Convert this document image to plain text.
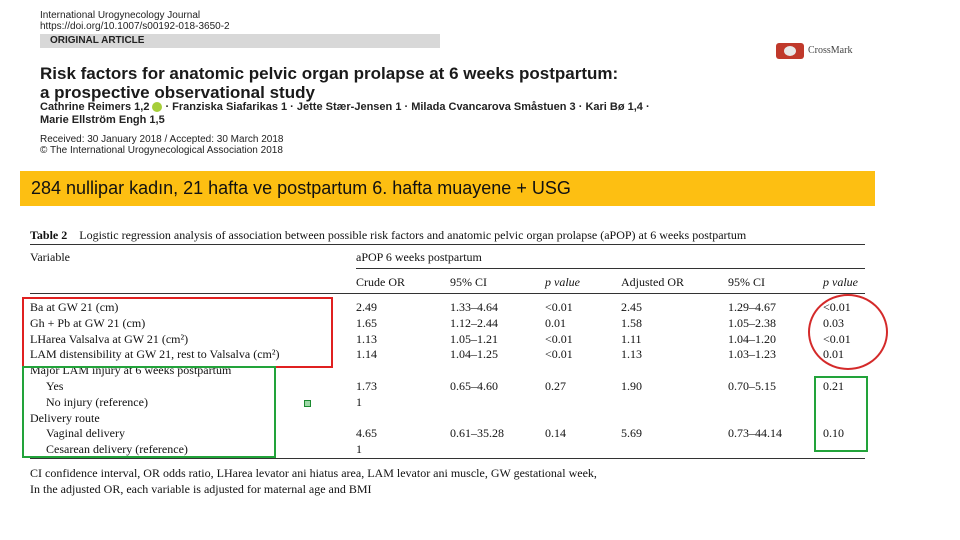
International Urogynecology Journal
https://doi.org/10.1007/s00192-018-3650-2
ORIGINAL ARTICLE
CrossMark
Risk factors for anatomic pelvic organ prolapse at 6 weeks postpartum:
a prospective observational study
Cathrine Reimers 1,2 · Franziska Siafarikas 1 · Jette Stær-Jensen 1 · Milada Cvancarova Småstuen 3 · Kari Bø 1,4 ·
Marie Ellström Engh 1,5
Received: 30 January 2018 / Accepted: 30 March 2018
© The International Urogynecological Association 2018
284 nullipar kadın, 21 hafta ve postpartum 6. hafta muayene + USG
Table 2 Logistic regression analysis of association between possible risk factors and anatomic pelvic organ prolapse (aPOP) at 6 weeks postpartum
Variable	aPOP 6 weeks postpartum
Crude OR	95% CI	p value	Adjusted OR	95% CI	p value
Ba at GW 21 (cm)	2.49	1.33–4.64	<0.01	2.45	1.29–4.67	<0.01
Gh + Pb at GW 21 (cm)	1.65	1.12–2.44	0.01	1.58	1.05–2.38	0.03
LHarea Valsalva at GW 21 (cm²)	1.13	1.05–1.21	<0.01	1.11	1.04–1.20	<0.01
LAM distensibility at GW 21, rest to Valsalva (cm²)	1.14	1.04–1.25	<0.01	1.13	1.03–1.23	0.01
Major LAM injury at 6 weeks postpartum
Yes	1.73	0.65–4.60	0.27	1.90	0.70–5.15	0.21
No injury (reference)	1
Delivery route
Vaginal delivery	4.65	0.61–35.28	0.14	5.69	0.73–44.14	0.10
Cesarean delivery (reference)	1
CI confidence interval, OR odds ratio, LHarea levator ani hiatus area, LAM levator ani muscle, GW gestational week,
In the adjusted OR, each variable is adjusted for maternal age and BMI
